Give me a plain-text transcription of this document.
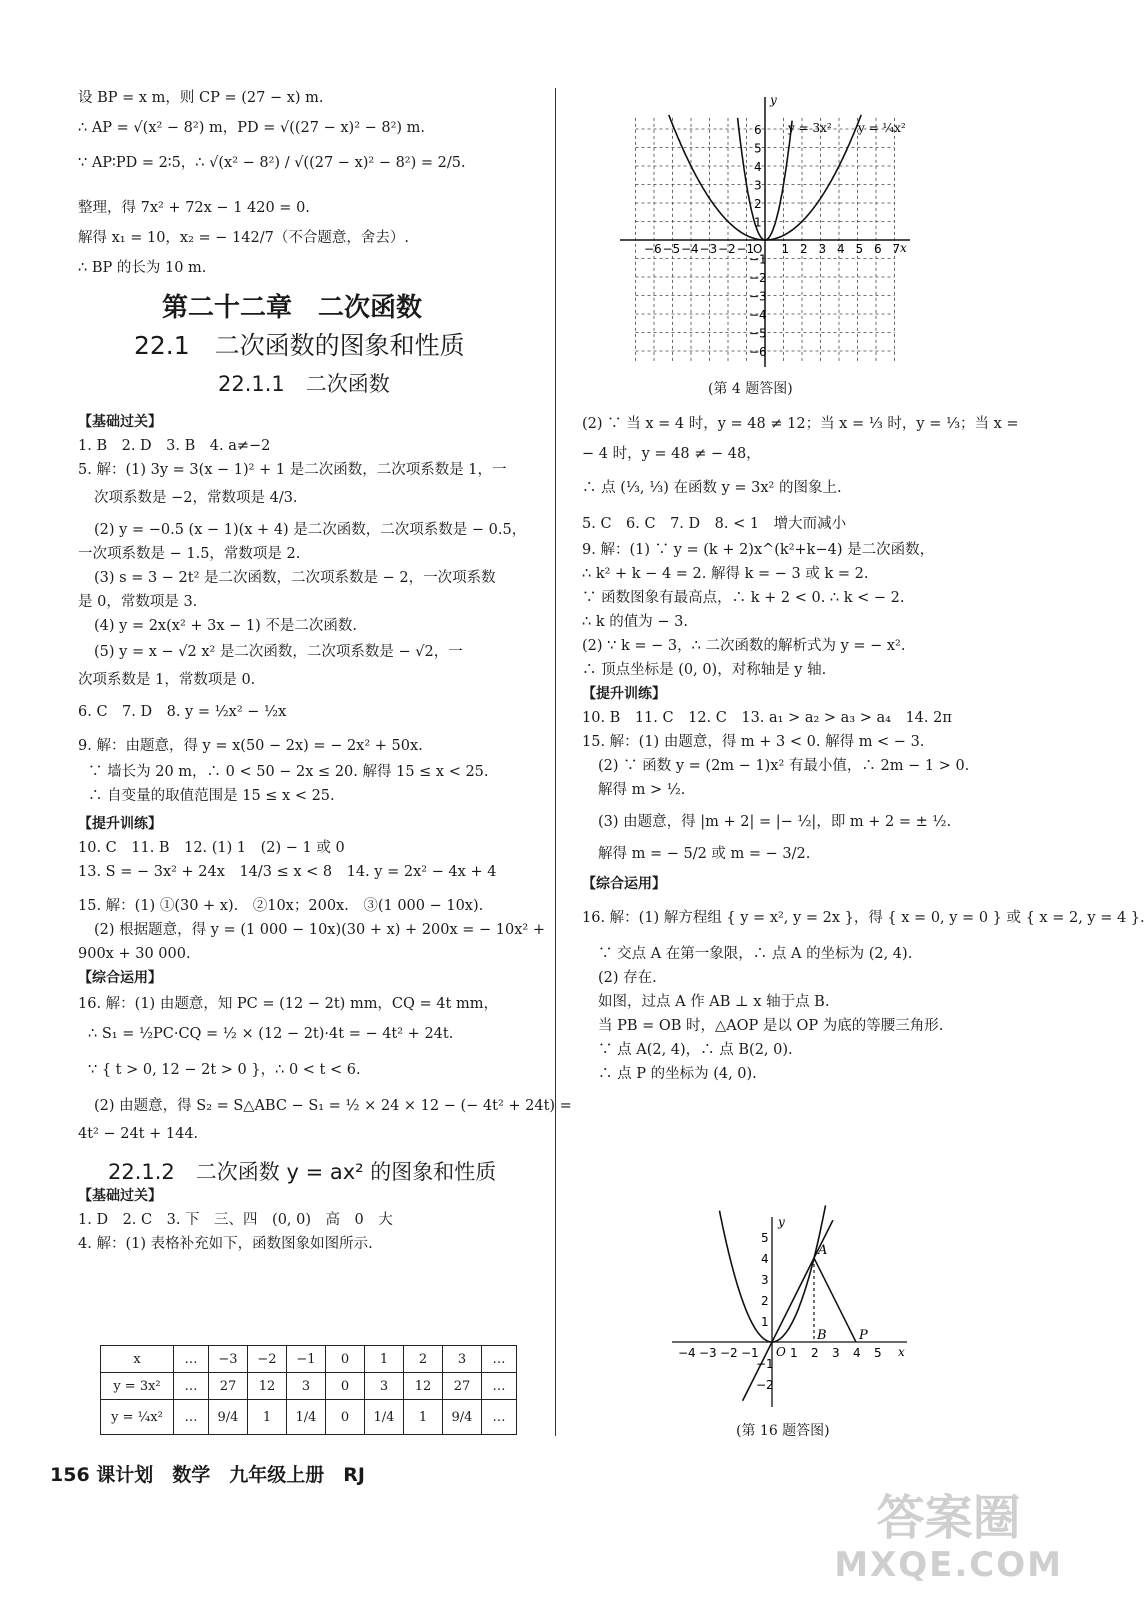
设 BP = x m，则 CP = (27 − x) m.
∴ AP = √(x² − 8²) m，PD = √((27 − x)² − 8²) m.
∵ AP∶PD = 2∶5，∴ √(x² − 8²) / √((27 − x)² − 8²) = 2/5.
整理，得 7x² + 72x − 1 420 = 0.
解得 x₁ = 10，x₂ = − 142/7（不合题意，舍去）.
∴ BP 的长为 10 m.
第二十二章　二次函数
22.1　二次函数的图象和性质
22.1.1　二次函数
【基础过关】
1. B　2. D　3. B　4. a≠−2
5. 解：(1) 3y = 3(x − 1)² + 1 是二次函数，二次项系数是 1，一
次项系数是 −2，常数项是 4/3.
(2) y = −0.5 (x − 1)(x + 4) 是二次函数，二次项系数是 − 0.5，
一次项系数是 − 1.5，常数项是 2.
(3) s = 3 − 2t² 是二次函数，二次项系数是 − 2，一次项系数
是 0，常数项是 3.
(4) y = 2x(x² + 3x − 1) 不是二次函数.
(5) y = x − √2 x² 是二次函数，二次项系数是 − √2，一
次项系数是 1，常数项是 0.
6. C　7. D　8. y = ½x² − ½x
9. 解：由题意，得 y = x(50 − 2x) = − 2x² + 50x.
∵ 墙长为 20 m，∴ 0 < 50 − 2x ≤ 20. 解得 15 ≤ x < 25.
∴ 自变量的取值范围是 15 ≤ x < 25.
【提升训练】
10. C　11. B　12. (1) 1　(2) − 1 或 0
13. S = − 3x² + 24x　14/3 ≤ x < 8　14. y = 2x² − 4x + 4
15. 解：(1) ①(30 + x).　②10x；200x.　③(1 000 − 10x).
(2) 根据题意，得 y = (1 000 − 10x)(30 + x) + 200x = − 10x² +
900x + 30 000.
【综合运用】
16. 解：(1) 由题意，知 PC = (12 − 2t) mm，CQ = 4t mm，
∴ S₁ = ½PC·CQ = ½ × (12 − 2t)·4t = − 4t² + 24t.
∵ { t > 0, 12 − 2t > 0 }，∴ 0 < t < 6.
(2) 由题意，得 S₂ = S△ABC − S₁ = ½ × 24 × 12 − (− 4t² + 24t) =
4t² − 24t + 144.
22.1.2　二次函数 y = ax² 的图象和性质
【基础过关】
1. D　2. C　3. 下　三、四　(0, 0)　高　0　大
4. 解：(1) 表格补充如下，函数图象如图所示.
(2) ∵ 当 x = 4 时，y = 48 ≠ 12；当 x = ⅓ 时，y = ⅓；当 x =
− 4 时，y = 48 ≠ − 48，
∴ 点 (⅓, ⅓) 在函数 y = 3x² 的图象上.
5. C　6. C　7. D　8. < 1　增大而减小
9. 解：(1) ∵ y = (k + 2)x^(k²+k−4) 是二次函数，
∴ k² + k − 4 = 2. 解得 k = − 3 或 k = 2.
∵ 函数图象有最高点，∴ k + 2 < 0. ∴ k < − 2.
∴ k 的值为 − 3.
(2) ∵ k = − 3，∴ 二次函数的解析式为 y = − x².
∴ 顶点坐标是 (0, 0)，对称轴是 y 轴.
【提升训练】
10. B　11. C　12. C　13. a₁ > a₂ > a₃ > a₄　14. 2π
15. 解：(1) 由题意，得 m + 3 < 0. 解得 m < − 3.
(2) ∵ 函数 y = (2m − 1)x² 有最小值，∴ 2m − 1 > 0.
解得 m > ½.
(3) 由题意，得 |m + 2| = |− ½|，即 m + 2 = ± ½.
解得 m = − 5/2 或 m = − 3/2.
【综合运用】
16. 解：(1) 解方程组 { y = x², y = 2x }，得 { x = 0, y = 0 } 或 { x = 2, y = 4 }.
∵ 交点 A 在第一象限，∴ 点 A 的坐标为 (2, 4).
(2) 存在.
如图，过点 A 作 AB ⊥ x 轴于点 B.
当 PB = OB 时，△AOP 是以 OP 为底的等腰三角形.
∵ 点 A(2, 4)，∴ 点 B(2, 0).
∴ 点 P 的坐标为 (4, 0).
x	…	−3	−2	−1	0	1	2	3	…
y = 3x²	…	27	12	3	0	3	12	27	…
y = ¼x²	…	9/4	1	1/4	0	1/4	1	9/4	…
−6 −5 −4 −3 −2 −1
O 1 2 3 4 5 6 7
1
2
3
4
5
6
−1
−2
−3
−4
−5
−6
x
y
y = 3x² y = ¼x²
(第 4 题答图)
−4 −3 −2 −1	1 2 3 4 5
1
2
3
4
5
−1
−2
A
B P
O	x
y
(第 16 题答图)
156 课计划　数学　九年级上册　RJ
答案圈
MXQE.COM
